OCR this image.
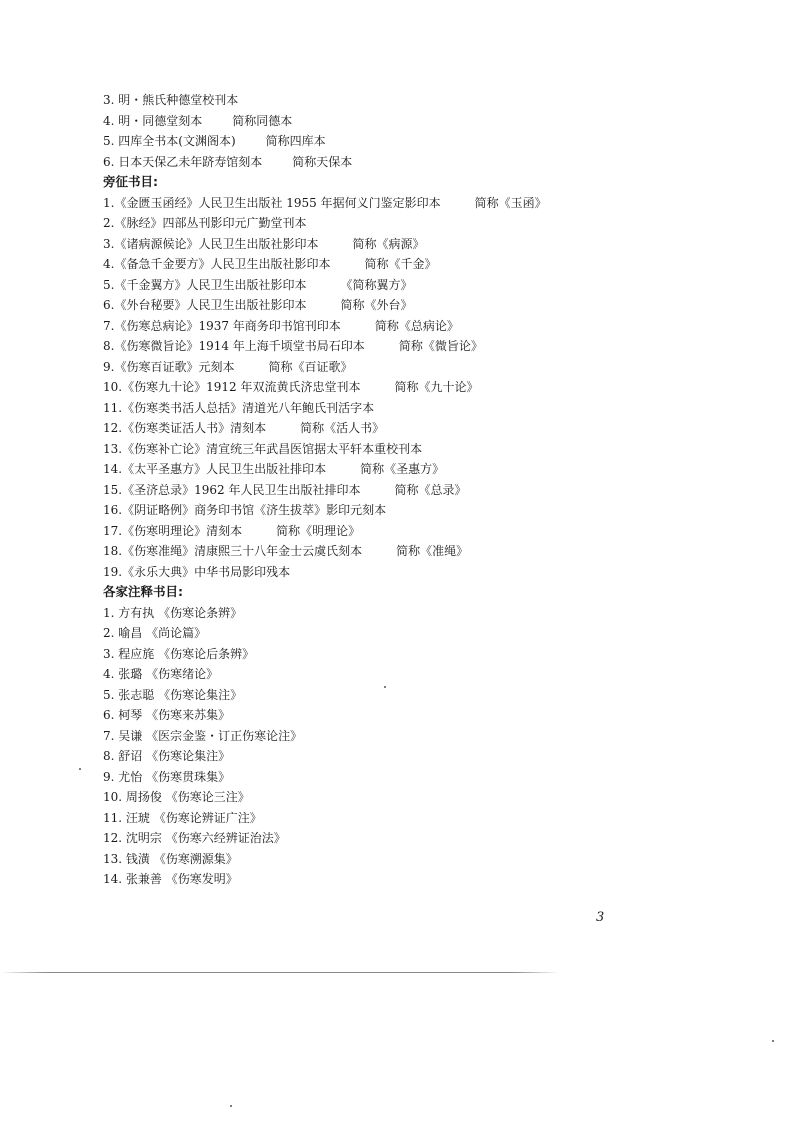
3. 明・熊氏种德堂校刊本
4. 明・同德堂刻本	简称同德本
5. 四库全书本(文渊阁本)	简称四库本
6. 日本天保乙未年跻寿馆刻本	简称天保本
旁征书目:
1.《金匮玉函经》人民卫生出版社 1955 年据何义门鉴定影印本	简称《玉函》
2.《脉经》四部丛刊影印元广勤堂刊本
3.《诸病源候论》人民卫生出版社影印本	简称《病源》
4.《备急千金要方》人民卫生出版社影印本	简称《千金》
5.《千金翼方》人民卫生出版社影印本	《简称翼方》
6.《外台秘要》人民卫生出版社影印本	简称《外台》
7.《伤寒总病论》1937 年商务印书馆刊印本	简称《总病论》
8.《伤寒微旨论》1914 年上海千顷堂书局石印本	简称《微旨论》
9.《伤寒百证歌》元刻本	简称《百证歌》
10.《伤寒九十论》1912 年双流黄氏济忠堂刊本	简称《九十论》
11.《伤寒类书活人总括》清道光八年鲍氏刊活字本
12.《伤寒类证活人书》清刻本	简称《活人书》
13.《伤寒补亡论》清宣统三年武昌医馆据太平轩本重校刊本
14.《太平圣惠方》人民卫生出版社排印本	简称《圣惠方》
15.《圣济总录》1962 年人民卫生出版社排印本	简称《总录》
16.《阴证略例》商务印书馆《济生拔萃》影印元刻本
17.《伤寒明理论》清刻本	简称《明理论》
18.《伤寒准绳》清康熙三十八年金士云虞氏刻本	简称《准绳》
19.《永乐大典》中华书局影印残本
各家注释书目:
1. 方有执 《伤寒论条辨》
2. 喻昌 《尚论篇》
3. 程应旄 《伤寒论后条辨》
4. 张璐 《伤寒绪论》
5. 张志聪 《伤寒论集注》
6. 柯琴 《伤寒来苏集》
7. 吴谦 《医宗金鉴・订正伤寒论注》
8. 舒诏 《伤寒论集注》
9. 尤怡 《伤寒贯珠集》
10. 周扬俊 《伤寒论三注》
11. 汪琥 《伤寒论辨证广注》
12. 沈明宗 《伤寒六经辨证治法》
13. 钱潢 《伤寒溯源集》
14. 张兼善 《伤寒发明》
3
